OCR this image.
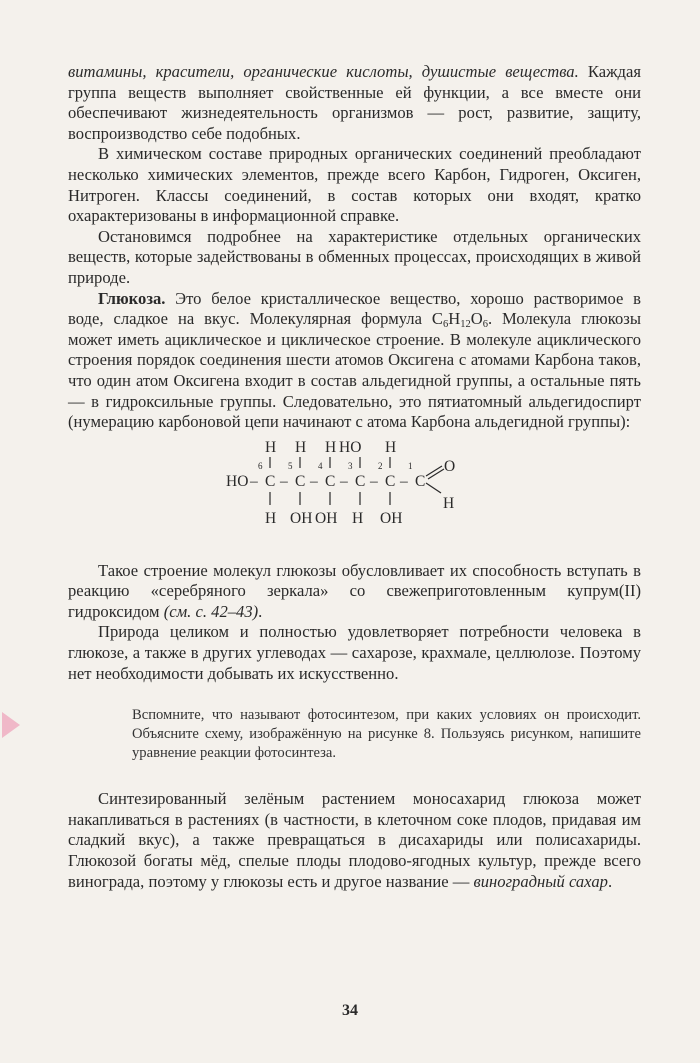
витамины, красители, органические кислоты, душистые вещества. Каждая группа веществ выполняет свойственные ей функции, а все вместе они обеспечивают жизнедеятельность организмов — рост, развитие, защиту, воспроизводство себе подобных.

В химическом составе природных органических соединений преобладают несколько химических элементов, прежде всего Карбон, Гидроген, Оксиген, Нитроген. Классы соединений, в состав которых они входят, кратко охарактеризованы в информационной справке.

Остановимся подробнее на характеристике отдельных органических веществ, которые задействованы в обменных процессах, происходящих в живой природе.

Глюкоза. Это белое кристаллическое вещество, хорошо растворимое в воде, сладкое на вкус. Молекулярная формула $C_6H_{12}O_6$. Молекула глюкозы может иметь ациклическое и циклическое строение. В молекуле ациклического строения порядок соединения шести атомов Оксигена с атомами Карбона таков, что один атом Оксигена входит в состав альдегидной группы, а остальные пять — в гидроксильные группы. Следовательно, это пятиатомный альдегидоспирт (нумерацию карбоновой цепи начинают с атома Карбона альдегидной группы):

H H H HO H
6	5	4	3	2	1
HO – C – C – C – C – C – C
O
H
H OH OH H OH

Такое строение молекул глюкозы обусловливает их способность вступать в реакцию «серебряного зеркала» со свежеприготовленным купрум(II) гидроксидом (см. с. 42–43).

Природа целиком и полностью удовлетворяет потребности человека в глюкозе, а также в других углеводах — сахарозе, крахмале, целлюлозе. Поэтому нет необходимости добывать их искусственно.

Вспомните, что называют фотосинтезом, при каких условиях он происходит. Объясните схему, изображённую на рисунке 8. Пользуясь рисунком, напишите уравнение реакции фотосинтеза.

Синтезированный зелёным растением моносахарид глюкоза может накапливаться в растениях (в частности, в клеточном соке плодов, придавая им сладкий вкус), а также превращаться в дисахариды или полисахариды. Глюкозой богаты мёд, спелые плоды плодово-ягодных культур, прежде всего винограда, поэтому у глюкозы есть и другое название — виноградный сахар.

34
